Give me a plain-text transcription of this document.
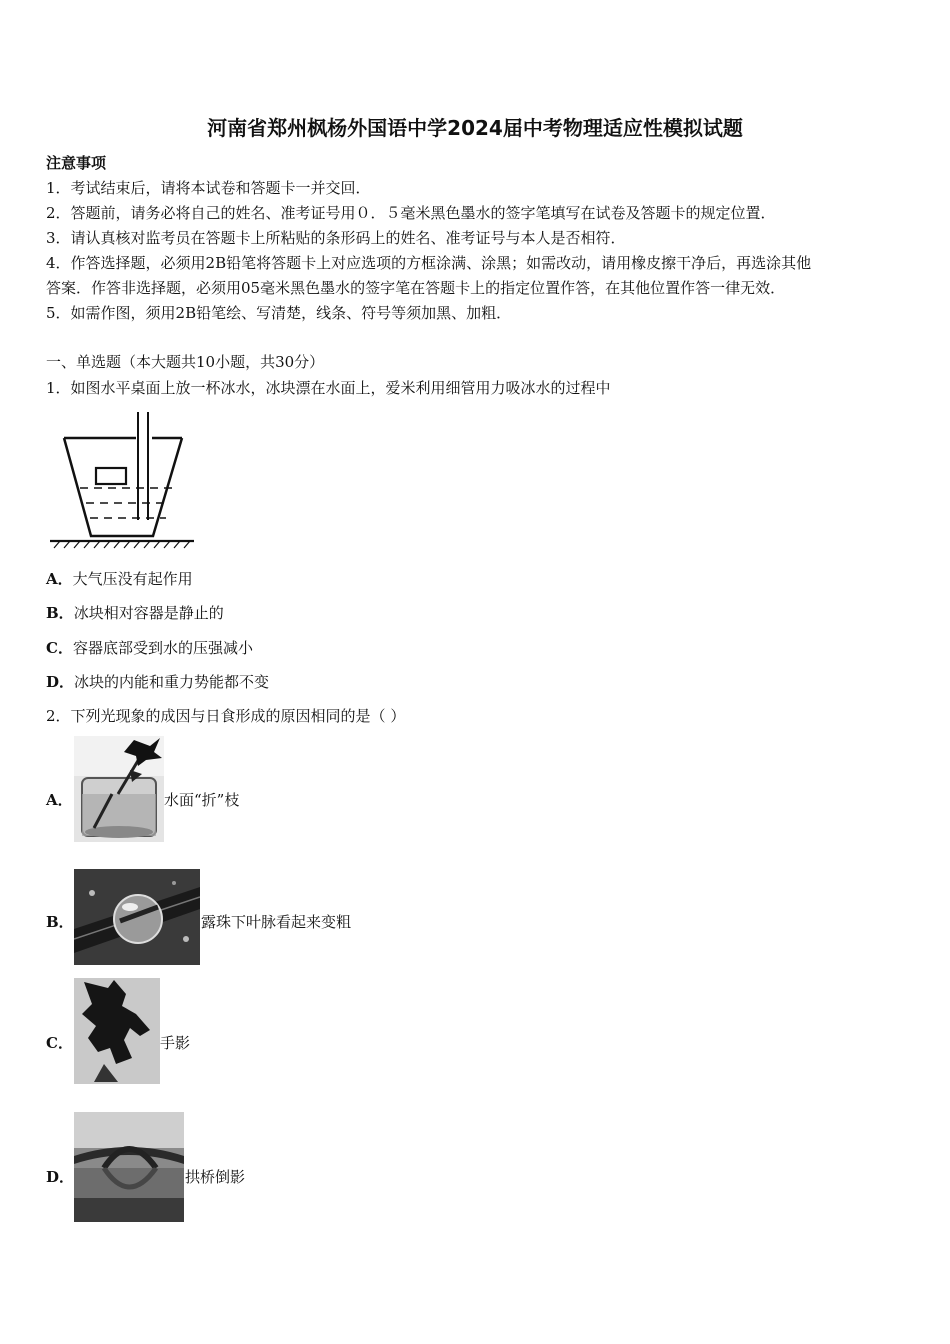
河南省郑州枫杨外国语中学2024届中考物理适应性模拟试题
注意事项
1．考试结束后，请将本试卷和答题卡一并交回．
2．答题前，请务必将自己的姓名、准考证号用０．５毫米黑色墨水的签字笔填写在试卷及答题卡的规定位置．
3．请认真核对监考员在答题卡上所粘贴的条形码上的姓名、准考证号与本人是否相符．
4．作答选择题，必须用2B铅笔将答题卡上对应选项的方框涂满、涂黑；如需改动，请用橡皮擦干净后，再选涂其他
答案．作答非选择题，必须用05毫米黑色墨水的签字笔在答题卡上的指定位置作答，在其他位置作答一律无效．
5．如需作图，须用2B铅笔绘、写清楚，线条、符号等须加黑、加粗．
一、单选题（本大题共10小题，共30分）
1．如图水平桌面上放一杯冰水，冰块漂在水面上，爱米利用细管用力吸冰水的过程中
A．大气压没有起作用
B．冰块相对容器是静止的
C．容器底部受到水的压强减小
D．冰块的内能和重力势能都不变
2．下列光现象的成因与日食形成的原因相同的是（ ）
A．	水面“折”枝
B．	露珠下叶脉看起来变粗
C．	手影
D．	拱桥倒影
